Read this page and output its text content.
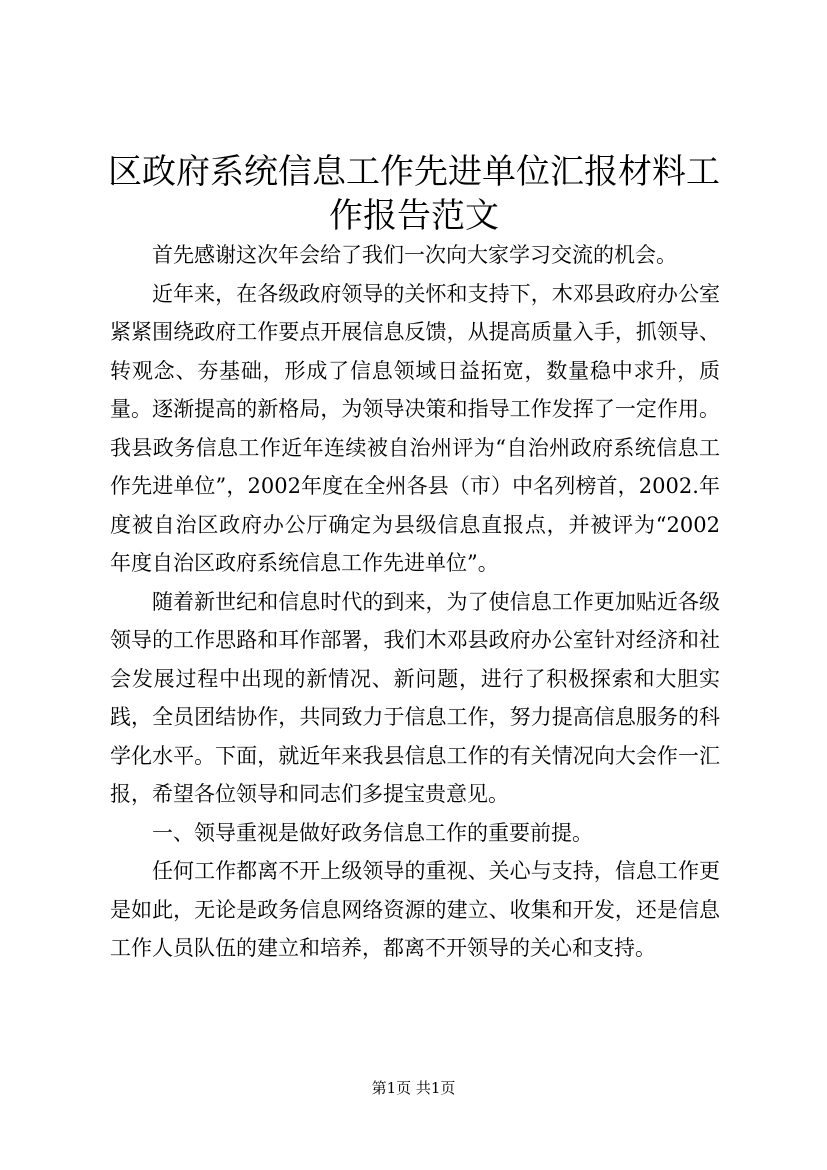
区政府系统信息工作先进单位汇报材料工作报告范文

首先感谢这次年会给了我们一次向大家学习交流的机会。

近年来，在各级政府领导的关怀和支持下，木邓县政府办公室紧紧围绕政府工作要点开展信息反馈，从提高质量入手，抓领导、转观念、夯基础，形成了信息领域日益拓宽，数量稳中求升，质量。逐渐提高的新格局，为领导决策和指导工作发挥了一定作用。我县政务信息工作近年连续被自治州评为“自治州政府系统信息工作先进单位”，2002年度在全州各县（市）中名列榜首，2002.年度被自治区政府办公厅确定为县级信息直报点，并被评为“2002年度自治区政府系统信息工作先进单位”。

随着新世纪和信息时代的到来，为了使信息工作更加贴近各级领导的工作思路和耳作部署，我们木邓县政府办公室针对经济和社会发展过程中出现的新情况、新问题，进行了积极探索和大胆实践，全员团结协作，共同致力于信息工作，努力提高信息服务的科学化水平。下面，就近年来我县信息工作的有关情况向大会作一汇报，希望各位领导和同志们多提宝贵意见。

一、领导重视是做好政务信息工作的重要前提。

任何工作都离不开上级领导的重视、关心与支持，信息工作更是如此，无论是政务信息网络资源的建立、收集和开发，还是信息工作人员队伍的建立和培养，都离不开领导的关心和支持。

第1页 共1页
